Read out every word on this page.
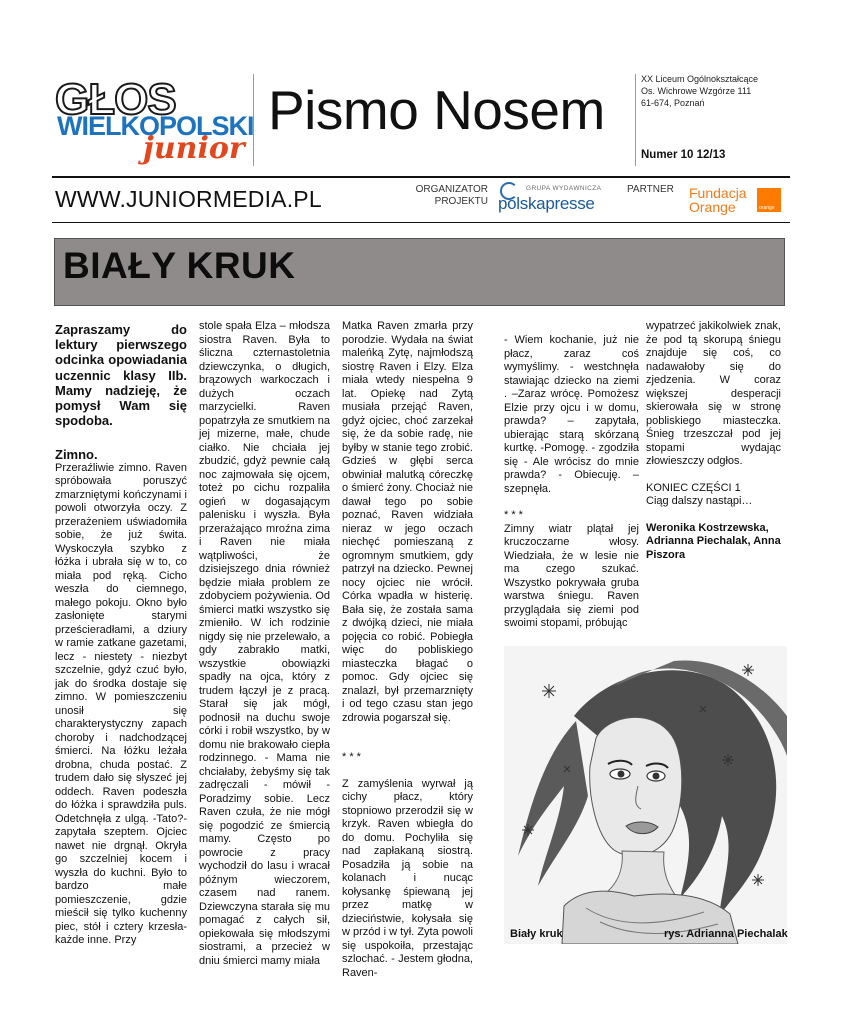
GŁOS
WIELKOPOLSKI
junior
Pismo Nosem	XX Liceum Ogólnokształcące
Os. Wichrowe Wzgórze 111
61-674, Poznań
Numer 10 12/13
WWW.JUNIORMEDIA.PL	ORGANIZATOR
PROJEKTU
GRUPA WYDAWNICZA
polskapresse
PARTNER Fundacja
Orange	orange
BIAŁY KRUK

Zapraszamy do lektury pierwszego odcinka opowiadania uczennic klasy IIb. Mamy nadzieję, że pomysł Wam się spodoba.

Zimno.

Przeraźliwie zimno. Raven spróbowała poruszyć zmarzniętymi kończynami i powoli otworzyła oczy. Z przerażeniem uświadomiła sobie, że już świta. Wyskoczyła szybko z łóżka i ubrała się w to, co miała pod ręką. Cicho weszła do ciemnego, małego pokoju. Okno było zasłonięte starymi prześcieradłami, a dziury w ramie zatkane gazetami, lecz - niestety - niezbyt szczelnie, gdyż czuć było, jak do środka dostaje się zimno. W pomieszczeniu unosił się charakterystyczny zapach choroby i nadchodzącej śmierci. Na łóżku leżała drobna, chuda postać. Z trudem dało się słyszeć jej oddech. Raven podeszła do łóżka i sprawdziła puls. Odetchnęła z ulgą. -Tato?- zapytała szeptem. Ojciec nawet nie drgnął. Okryła go szczelniej kocem i wyszła do kuchni. Było to bardzo małe pomieszczenie, gdzie mieścił się tylko kuchenny piec, stół i cztery krzesła- każde inne. Przy

stole spała Elza – młodsza siostra Raven. Była to śliczna czternastoletnia dziewczynka, o długich, brązowych warkoczach i dużych oczach marzycielki. Raven popatrzyła ze smutkiem na jej mizerne, małe, chude ciałko. Nie chciała jej zbudzić, gdyż pewnie całą noc zajmowała się ojcem, toteż po cichu rozpaliła ogień w dogasającym palenisku i wyszła. Była przerażająco mroźna zima i Raven nie miała wątpliwości, że dzisiejszego dnia również będzie miała problem ze zdobyciem pożywienia. Od śmierci matki wszystko się zmieniło. W ich rodzinie nigdy się nie przelewało, a gdy zabrakło matki, wszystkie obowiązki spadły na ojca, który z trudem łączył je z pracą. Starał się jak mógł, podnosił na duchu swoje córki i robił wszystko, by w domu nie brakowało ciepła rodzinnego. - Mama nie chciałaby, żebyśmy się tak zadręczali - mówił - Poradzimy sobie. Lecz Raven czuła, że nie mógł się pogodzić ze śmiercią mamy. Często po powrocie z pracy wychodził do lasu i wracał późnym wieczorem, czasem nad ranem. Dziewczyna starała się mu pomagać z całych sił, opiekowała się młodszymi siostrami, a przecież w dniu śmierci mamy miała

Matka Raven zmarła przy porodzie. Wydała na świat maleńką Zytę, najmłodszą siostrę Raven i Elzy. Elza miała wtedy niespełna 9 lat. Opiekę nad Zytą musiała przejąć Raven, gdyż ojciec, choć zarzekał się, że da sobie radę, nie byłby w stanie tego zrobić. Gdzieś w głębi serca obwiniał malutką córeczkę o śmierć żony. Chociaż nie dawał tego po sobie poznać, Raven widziała nieraz w jego oczach niechęć pomieszaną z ogromnym smutkiem, gdy patrzył na dziecko. Pewnej nocy ojciec nie wrócił. Córka wpadła w histerię. Bała się, że została sama z dwójką dzieci, nie miała pojęcia co robić. Pobiegła więc do pobliskiego miasteczka błagać o pomoc. Gdy ojciec się znalazł, był przemarznięty i od tego czasu stan jego zdrowia pogarszał się.

* * *

Z zamyślenia wyrwał ją cichy płacz, który stopniowo przerodził się w krzyk. Raven wbiegła do do domu. Pochyliła się nad zapłakaną siostrą. Posadziła ją sobie na kolanach i nucąc kołysankę śpiewaną jej przez matkę w dzieciństwie, kołysała się w przód i w tył. Zyta powoli się uspokoiła, przestając szlochać. - Jestem głodna, Raven-

- Wiem kochanie, już nie płacz, zaraz coś wymyślimy. - westchnęła stawiając dziecko na ziemi . –Zaraz wrócę. Pomożesz Elzie przy ojcu i w domu, prawda? – zapytała, ubierając starą skórzaną kurtkę. -Pomogę. - zgodziła się - Ale wrócisz do mnie prawda? - Obiecuję. –szepnęła.

* * *

Zimny wiatr plątał jej kruczoczarne włosy. Wiedziała, że w lesie nie ma czego szukać. Wszystko pokrywała gruba warstwa śniegu. Raven przyglądała się ziemi pod swoimi stopami, próbując

wypatrzeć jakikolwiek znak, że pod tą skorupą śniegu znajduje się coś, co nadawałoby się do zjedzenia. W coraz większej desperacji skierowała się w stronę pobliskiego miasteczka. Śnieg trzeszczał pod jej stopami wydając złowieszczy odgłos.

KONIEC CZĘŚCI 1

Ciąg dalszy nastąpi…

Weronika Kostrzewska, Adrianna Piechalak, Anna Piszora

Biały kruk	rys. Adrianna Piechalak
